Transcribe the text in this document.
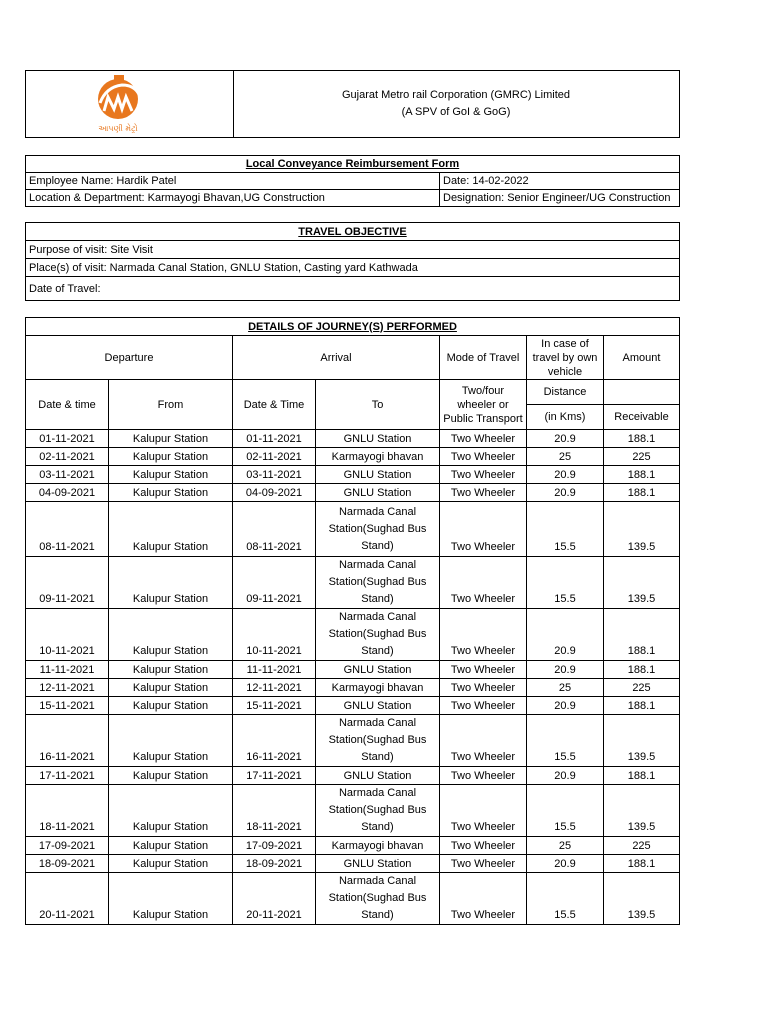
આપણી મેટ્રો
Gujarat Metro rail Corporation (GMRC) Limited
(A SPV of GoI & GoG)
Local Conveyance Reimbursement Form	
Employee Name: Hardik Patel	Date: 14-02-2022
Location & Department: Karmayogi Bhavan,UG Construction	Designation: Senior Engineer/UG Construction
TRAVEL OBJECTIVE
Purpose of visit: Site Visit
Place(s) of visit: Narmada Canal Station, GNLU Station, Casting yard Kathwada
Date of Travel:
DETAILS OF JOURNEY(S) PERFORMED						
Departure		Arrival		Mode of Travel	In case of travel by own vehicle	Amount

Date & time	From	Date & Time	To	Two/four wheeler or Public Transport	Distance	
					(in Kms)	Receivable
01-11-2021	Kalupur Station	01-11-2021	GNLU Station	Two Wheeler	20.9	188.1
02-11-2021	Kalupur Station	02-11-2021	Karmayogi bhavan	Two Wheeler	25	225
03-11-2021	Kalupur Station	03-11-2021	GNLU Station	Two Wheeler	20.9	188.1
04-09-2021	Kalupur Station	04-09-2021	GNLU Station	Two Wheeler	20.9	188.1
08-11-2021	Kalupur Station	08-11-2021	Narmada Canal Station(Sughad Bus Stand)	Two Wheeler	15.5	139.5
09-11-2021	Kalupur Station	09-11-2021	Narmada Canal Station(Sughad Bus Stand)	Two Wheeler	15.5	139.5
10-11-2021	Kalupur Station	10-11-2021	Narmada Canal Station(Sughad Bus Stand)	Two Wheeler	20.9	188.1
11-11-2021	Kalupur Station	11-11-2021	GNLU Station	Two Wheeler	20.9	188.1
12-11-2021	Kalupur Station	12-11-2021	Karmayogi bhavan	Two Wheeler	25	225
15-11-2021	Kalupur Station	15-11-2021	GNLU Station	Two Wheeler	20.9	188.1
16-11-2021	Kalupur Station	16-11-2021	Narmada Canal Station(Sughad Bus Stand)	Two Wheeler	15.5	139.5
17-11-2021	Kalupur Station	17-11-2021	GNLU Station	Two Wheeler	20.9	188.1
18-11-2021	Kalupur Station	18-11-2021	Narmada Canal Station(Sughad Bus Stand)	Two Wheeler	15.5	139.5
17-09-2021	Kalupur Station	17-09-2021	Karmayogi bhavan	Two Wheeler	25	225
18-09-2021	Kalupur Station	18-09-2021	GNLU Station	Two Wheeler	20.9	188.1
20-11-2021	Kalupur Station	20-11-2021	Narmada Canal Station(Sughad Bus Stand)	Two Wheeler	15.5	139.5
